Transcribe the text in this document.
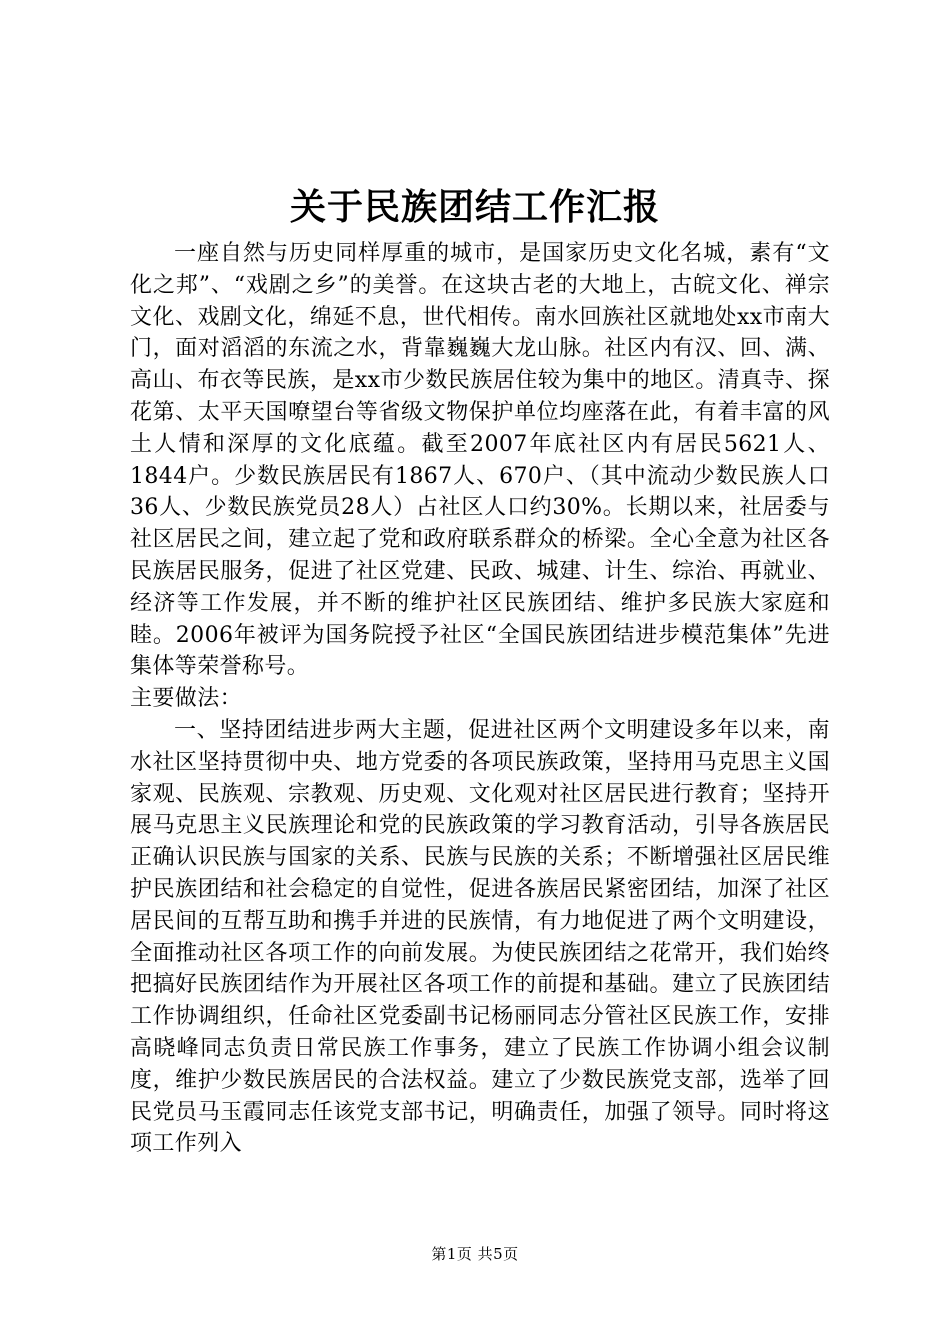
关于民族团结工作汇报

一座自然与历史同样厚重的城市，是国家历史文化名城，素有“文化之邦”、“戏剧之乡”的美誉。在这块古老的大地上，古皖文化、禅宗文化、戏剧文化，绵延不息，世代相传。南水回族社区就地处xx市南大门，面对滔滔的东流之水，背靠巍巍大龙山脉。社区内有汉、回、满、高山、布衣等民族，是xx市少数民族居住较为集中的地区。清真寺、探花第、太平天国嘹望台等省级文物保护单位均座落在此，有着丰富的风土人情和深厚的文化底蕴。截至2007年底社区内有居民5621人、1844户。少数民族居民有1867人、670户、（其中流动少数民族人口36人、少数民族党员28人）占社区人口约30%。长期以来，社居委与社区居民之间，建立起了党和政府联系群众的桥梁。全心全意为社区各民族居民服务，促进了社区党建、民政、城建、计生、综治、再就业、经济等工作发展，并不断的维护社区民族团结、维护多民族大家庭和睦。2006年被评为国务院授予社区“全国民族团结进步模范集体”先进集体等荣誉称号。

主要做法：

一、坚持团结进步两大主题，促进社区两个文明建设多年以来，南水社区坚持贯彻中央、地方党委的各项民族政策，坚持用马克思主义国家观、民族观、宗教观、历史观、文化观对社区居民进行教育；坚持开展马克思主义民族理论和党的民族政策的学习教育活动，引导各族居民正确认识民族与国家的关系、民族与民族的关系；不断增强社区居民维护民族团结和社会稳定的自觉性，促进各族居民紧密团结，加深了社区居民间的互帮互助和携手并进的民族情，有力地促进了两个文明建设，全面推动社区各项工作的向前发展。为使民族团结之花常开，我们始终把搞好民族团结作为开展社区各项工作的前提和基础。建立了民族团结工作协调组织，任命社区党委副书记杨丽同志分管社区民族工作，安排高晓峰同志负责日常民族工作事务，建立了民族工作协调小组会议制度，维护少数民族居民的合法权益。建立了少数民族党支部，选举了回民党员马玉霞同志任该党支部书记，明确责任，加强了领导。同时将这项工作列入

第1页 共5页
